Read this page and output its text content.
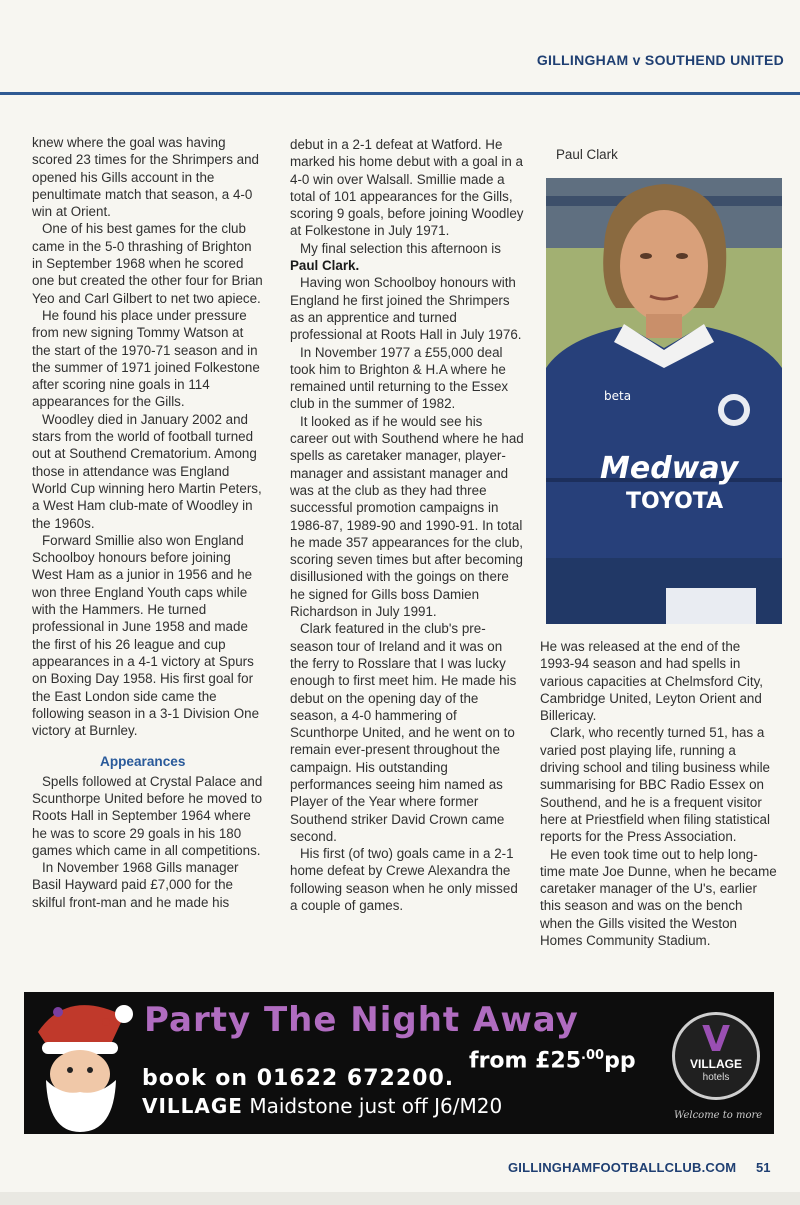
GILLINGHAM v SOUTHEND UNITED

knew where the goal was having scored 23 times for the Shrimpers and opened his Gills account in the penultimate match that season, a 4-0 win at Orient.

One of his best games for the club came in the 5-0 thrashing of Brighton in September 1968 when he scored one but created the other four for Brian Yeo and Carl Gilbert to net two apiece.

He found his place under pressure from new signing Tommy Watson at the start of the 1970-71 season and in the summer of 1971 joined Folkestone after scoring nine goals in 114 appearances for the Gills.

Woodley died in January 2002 and stars from the world of football turned out at Southend Crematorium. Among those in attendance was England World Cup winning hero Martin Peters, a West Ham club-mate of Woodley in the 1960s.

Forward Smillie also won England Schoolboy honours before joining West Ham as a junior in 1956 and he won three England Youth caps while with the Hammers. He turned professional in June 1958 and made the first of his 26 league and cup appearances in a 4-1 victory at Spurs on Boxing Day 1958. His first goal for the East London side came the following season in a 3-1 Division One victory at Burnley.

Appearances

Spells followed at Crystal Palace and Scunthorpe United before he moved to Roots Hall in September 1964 where he was to score 29 goals in his 180 games which came in all competitions.

In November 1968 Gills manager Basil Hayward paid £7,000 for the skilful front-man and he made his

debut in a 2-1 defeat at Watford. He marked his home debut with a goal in a 4-0 win over Walsall. Smillie made a total of 101 appearances for the Gills, scoring 9 goals, before joining Woodley at Folkestone in July 1971.

My final selection this afternoon is
Paul Clark.

Having won Schoolboy honours with England he first joined the Shrimpers as an apprentice and turned professional at Roots Hall in July 1976.

In November 1977 a £55,000 deal took him to Brighton & H.A where he remained until returning to the Essex club in the summer of 1982.

It looked as if he would see his career out with Southend where he had spells as caretaker manager, player-manager and assistant manager and was at the club as they had three successful promotion campaigns in 1986-87, 1989-90 and 1990-91. In total he made 357 appearances for the club, scoring seven times but after becoming disillusioned with the goings on there he signed for Gills boss Damien Richardson in July 1991.

Clark featured in the club's pre-season tour of Ireland and it was on the ferry to Rosslare that I was lucky enough to first meet him. He made his debut on the opening day of the season, a 4-0 hammering of Scunthorpe United, and he went on to remain ever-present throughout the campaign. His outstanding performances seeing him named as Player of the Year where former Southend striker David Crown came second.

His first (of two) goals came in a 2-1 home defeat by Crewe Alexandra the following season when he only missed a couple of games.

Paul Clark
beta
Medway
TOYOTA

He was released at the end of the 1993-94 season and had spells in various capacities at Chelmsford City, Cambridge United, Leyton Orient and Billericay.

Clark, who recently turned 51, has a varied post playing life, running a driving school and tiling business while summarising for BBC Radio Essex on Southend, and he is a frequent visitor here at Priestfield when filing statistical reports for the Press Association.

He even took time out to help long-time mate Joe Dunne, when he became caretaker manager of the U's, earlier this season and was on the bench when the Gills visited the Weston Homes Community Stadium.

Party The Night Away
from $£25^{.00}pp$
book on 01622 672200.
VILLAGE Maidstone just off J6/M20
V
VILLAGE
hotels
Welcome to more
GILLINGHAMFOOTBALLCLUB.COM 51
